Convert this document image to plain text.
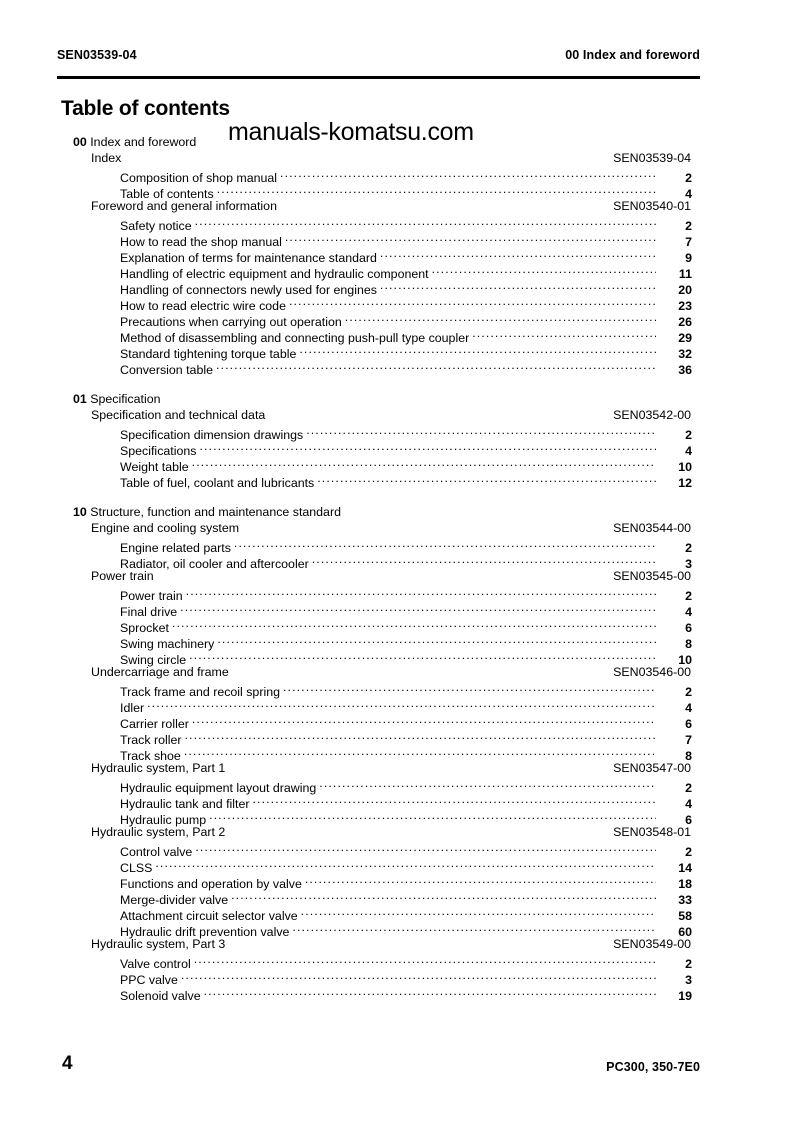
SEN03539-04	00 Index and foreword
Table of contents
manuals-komatsu.com
00 Index and foreword
Index	SEN03539-04
Composition of shop manual .....	2
Table of contents .....	4
Foreword and general information	SEN03540-01
Safety notice .....	2
How to read the shop manual .....	7
Explanation of terms for maintenance standard .....	9
Handling of electric equipment and hydraulic component .....	11
Handling of connectors newly used for engines .....	20
How to read electric wire code .....	23
Precautions when carrying out operation .....	26
Method of disassembling and connecting push-pull type coupler .....	29
Standard tightening torque table .....	32
Conversion table .....	36
01 Specification
Specification and technical data	SEN03542-00
Specification dimension drawings .....	2
Specifications .....	4
Weight table .....	10
Table of fuel, coolant and lubricants .....	12
10 Structure, function and maintenance standard
Engine and cooling system	SEN03544-00
Engine related parts .....	2
Radiator, oil cooler and aftercooler .....	3
Power train	SEN03545-00
Power train .....	2
Final drive .....	4
Sprocket .....	6
Swing machinery .....	8
Swing circle .....	10
Undercarriage and frame	SEN03546-00
Track frame and recoil spring .....	2
Idler .....	4
Carrier roller .....	6
Track roller .....	7
Track shoe .....	8
Hydraulic system, Part 1	SEN03547-00
Hydraulic equipment layout drawing .....	2
Hydraulic tank and filter .....	4
Hydraulic pump .....	6
Hydraulic system, Part 2	SEN03548-01
Control valve .....	2
CLSS .....	14
Functions and operation by valve .....	18
Merge-divider valve .....	33
Attachment circuit selector valve .....	58
Hydraulic drift prevention valve .....	60
Hydraulic system, Part 3	SEN03549-00
Valve control .....	2
PPC valve .....	3
Solenoid valve .....	19
4	PC300, 350-7E0
